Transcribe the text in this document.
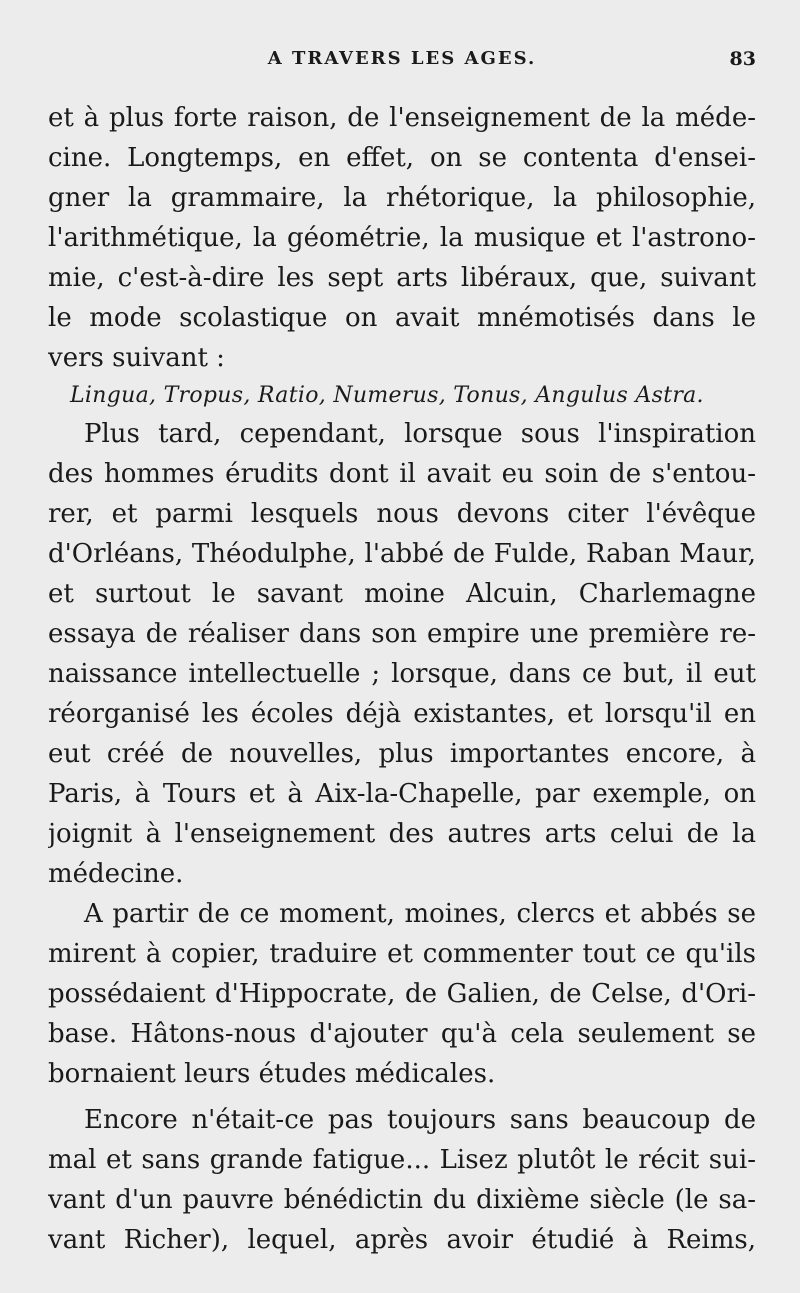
A TRAVERS LES AGES.	83
et à plus forte raison, de l'enseignement de la méde-
cine. Longtemps, en effet, on se contenta d'ensei-
gner la grammaire, la rhétorique, la philosophie,
l'arithmétique, la géométrie, la musique et l'astrono-
mie, c'est-à-dire les sept arts libéraux, que, suivant
le mode scolastique on avait mnémotisés dans le
vers suivant :
Lingua, Tropus, Ratio, Numerus, Tonus, Angulus Astra.
Plus tard, cependant, lorsque sous l'inspiration
des hommes érudits dont il avait eu soin de s'entou-
rer, et parmi lesquels nous devons citer l'évêque
d'Orléans, Théodulphe, l'abbé de Fulde, Raban Maur,
et surtout le savant moine Alcuin, Charlemagne
essaya de réaliser dans son empire une première re-
naissance intellectuelle ; lorsque, dans ce but, il eut
réorganisé les écoles déjà existantes, et lorsqu'il en
eut créé de nouvelles, plus importantes encore, à
Paris, à Tours et à Aix-la-Chapelle, par exemple, on
joignit à l'enseignement des autres arts celui de la
médecine.
A partir de ce moment, moines, clercs et abbés se
mirent à copier, traduire et commenter tout ce qu'ils
possédaient d'Hippocrate, de Galien, de Celse, d'Ori-
base. Hâtons-nous d'ajouter qu'à cela seulement se
bornaient leurs études médicales.
Encore n'était-ce pas toujours sans beaucoup de
mal et sans grande fatigue... Lisez plutôt le récit sui-
vant d'un pauvre bénédictin du dixième siècle (le sa-
vant Richer), lequel, après avoir étudié à Reims,
